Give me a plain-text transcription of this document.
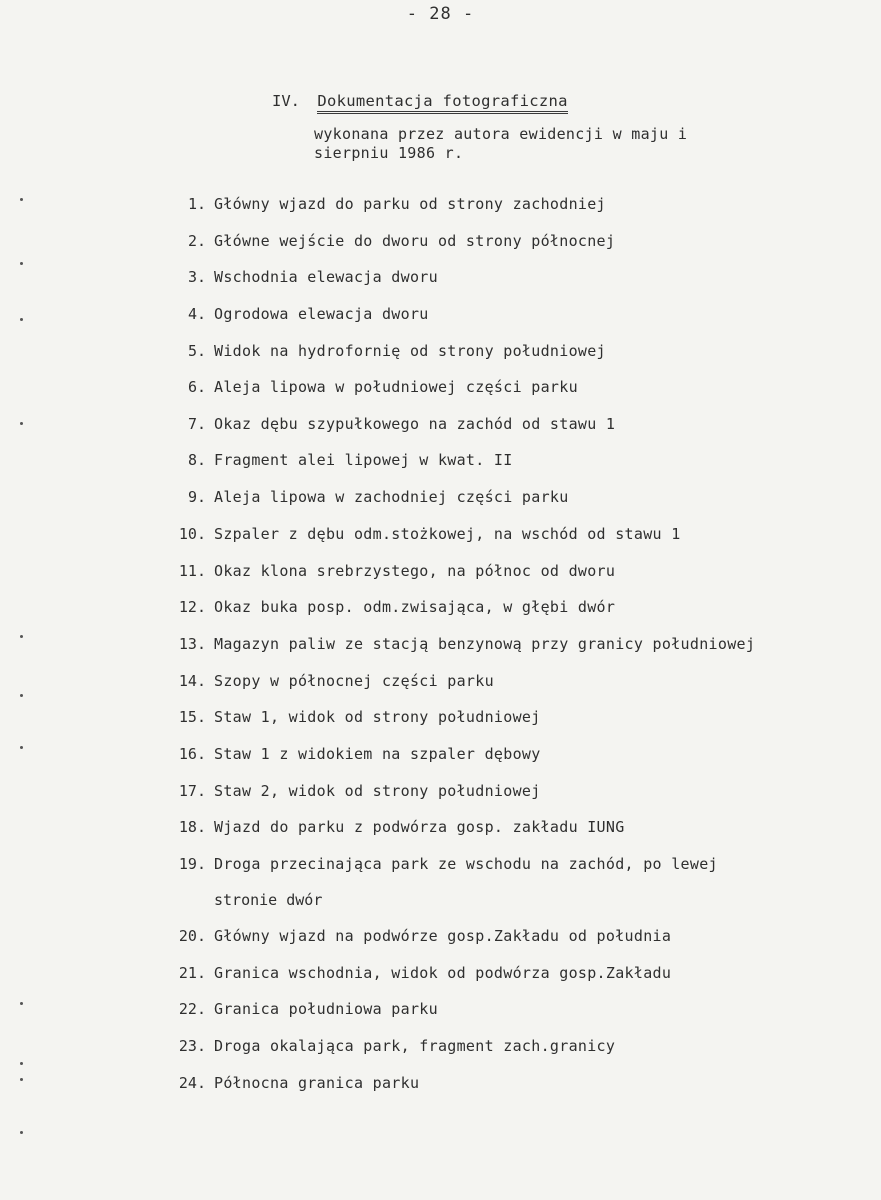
- 28 -
IV. Dokumentacja fotograficzna
wykonana przez autora ewidencji w maju i
sierpniu 1986 r.
1. Główny wjazd do parku od strony zachodniej
2. Główne wejście do dworu od strony północnej
3. Wschodnia elewacja dworu
4. Ogrodowa elewacja dworu
5. Widok na hydrofornię od strony południowej
6. Aleja lipowa w południowej części parku
7. Okaz dębu szypułkowego na zachód od stawu 1
8. Fragment alei lipowej w kwat. II
9. Aleja lipowa w zachodniej części parku
10. Szpaler z dębu odm.stożkowej, na wschód od stawu 1
11. Okaz klona srebrzystego, na północ od dworu
12. Okaz buka posp. odm.zwisająca, w głębi dwór
13. Magazyn paliw ze stacją benzynową przy granicy południowej
14. Szopy w północnej części parku
15. Staw 1, widok od strony południowej
16. Staw 1 z widokiem na szpaler dębowy
17. Staw 2, widok od strony południowej
18. Wjazd do parku z podwórza gosp. zakładu IUNG
19. Droga przecinająca park ze wschodu na zachód, po lewej
stronie dwór
20. Główny wjazd na podwórze gosp.Zakładu od południa
21. Granica wschodnia, widok od podwórza gosp.Zakładu
22. Granica południowa parku
23. Droga okalająca park, fragment zach.granicy
24. Północna granica parku
